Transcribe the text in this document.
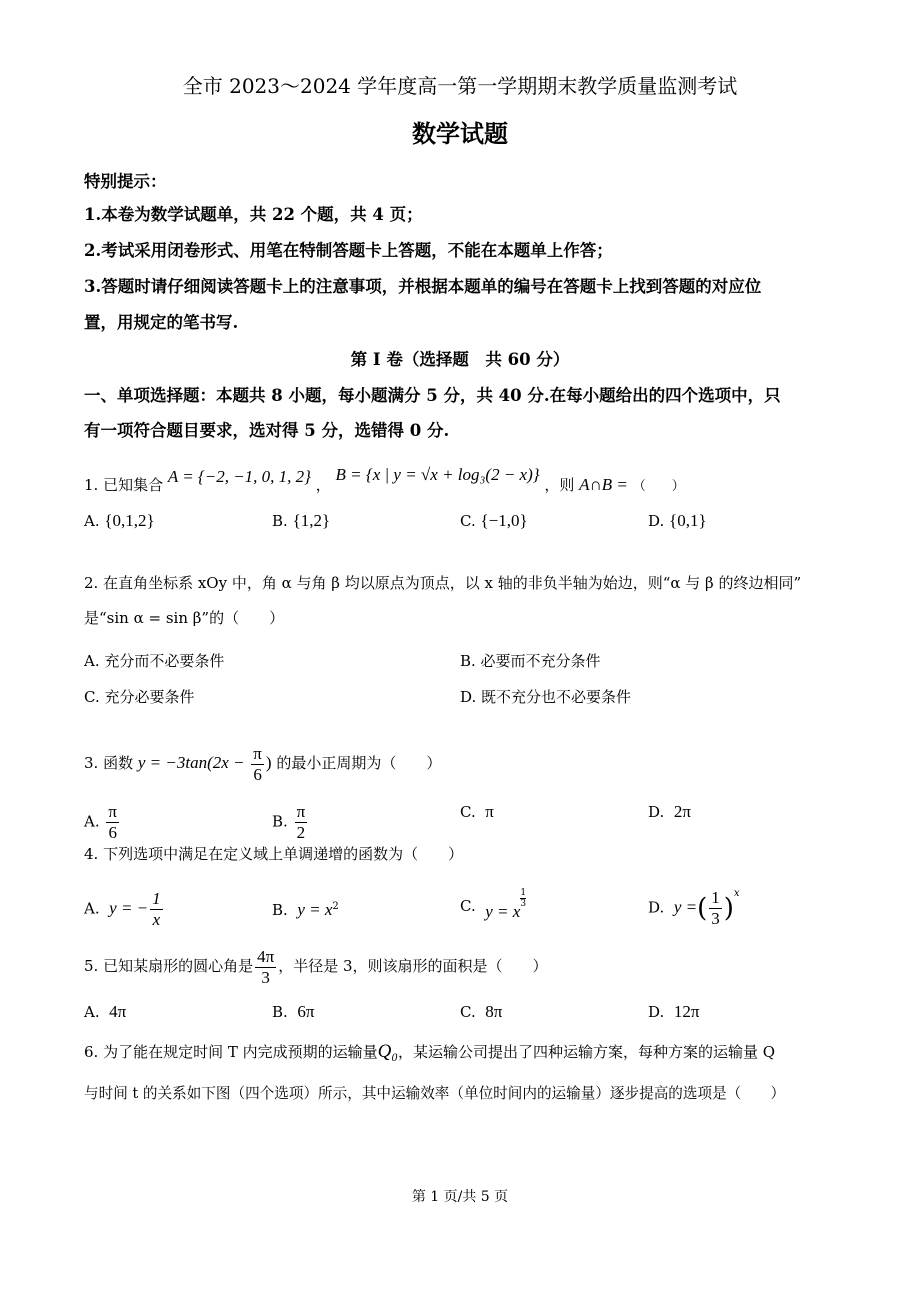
全市 2023～2024 学年度高一第一学期期末教学质量监测考试
数学试题
特别提示：
1.本卷为数学试题单，共 22 个题，共 4 页；
2.考试采用闭卷形式、用笔在特制答题卡上答题，不能在本题单上作答；
3.答题时请仔细阅读答题卡上的注意事项，并根据本题单的编号在答题卡上找到答题的对应位
置，用规定的笔书写.
第 I 卷（选择题　共 60 分）
一、单项选择题：本题共 8 小题，每小题满分 5 分，共 40 分.在每小题给出的四个选项中，只
有一项符合题目要求，选对得 5 分，选错得 0 分.
1. 已知集合 A = {−2, −1, 0, 1, 2} ， B = {x | y = √x + log₃(2 − x)} ，则 A∩B = （　　）
A. {0,1,2}	B. {1,2}	C. {−1,0}	D. {0,1}
2. 在直角坐标系 xOy 中，角 α 与角 β 均以原点为顶点，以 x 轴的非负半轴为始边，则“α 与 β 的终边相同”
是“sin α = sin β”的（　　）
A. 充分而不必要条件	B. 必要而不充分条件
C. 充分必要条件	D. 既不充分也不必要条件
3. 函数 $y = -3\tan(2x - \frac{\pi}{6}$ ) 的最小正周期为（　　）
A. $\frac{\pi}{6}$	B. $\frac{\pi}{2}$	C. π	D. 2π
4. 下列选项中满足在定义域上单调递增的函数为（　　）
A. y = − $\frac{1}{x}$	B. $y = x^2$	C. y = x
$\frac{1}{3}$	D. y =( $\frac{1}{3} )^x$
5. 已知某扇形的圆心角是 $\frac{4\pi}{3}$ ，半径是 3，则该扇形的面积是（　　）
A. 4π	B. 6π	C. 8π	D. 12π
6. 为了能在规定时间 T 内完成预期的运输量Q₀，某运输公司提出了四种运输方案，每种方案的运输量 Q
与时间 t 的关系如下图（四个选项）所示，其中运输效率（单位时间内的运输量）逐步提高的选项是（　　）
第 1 页/共 5 页
